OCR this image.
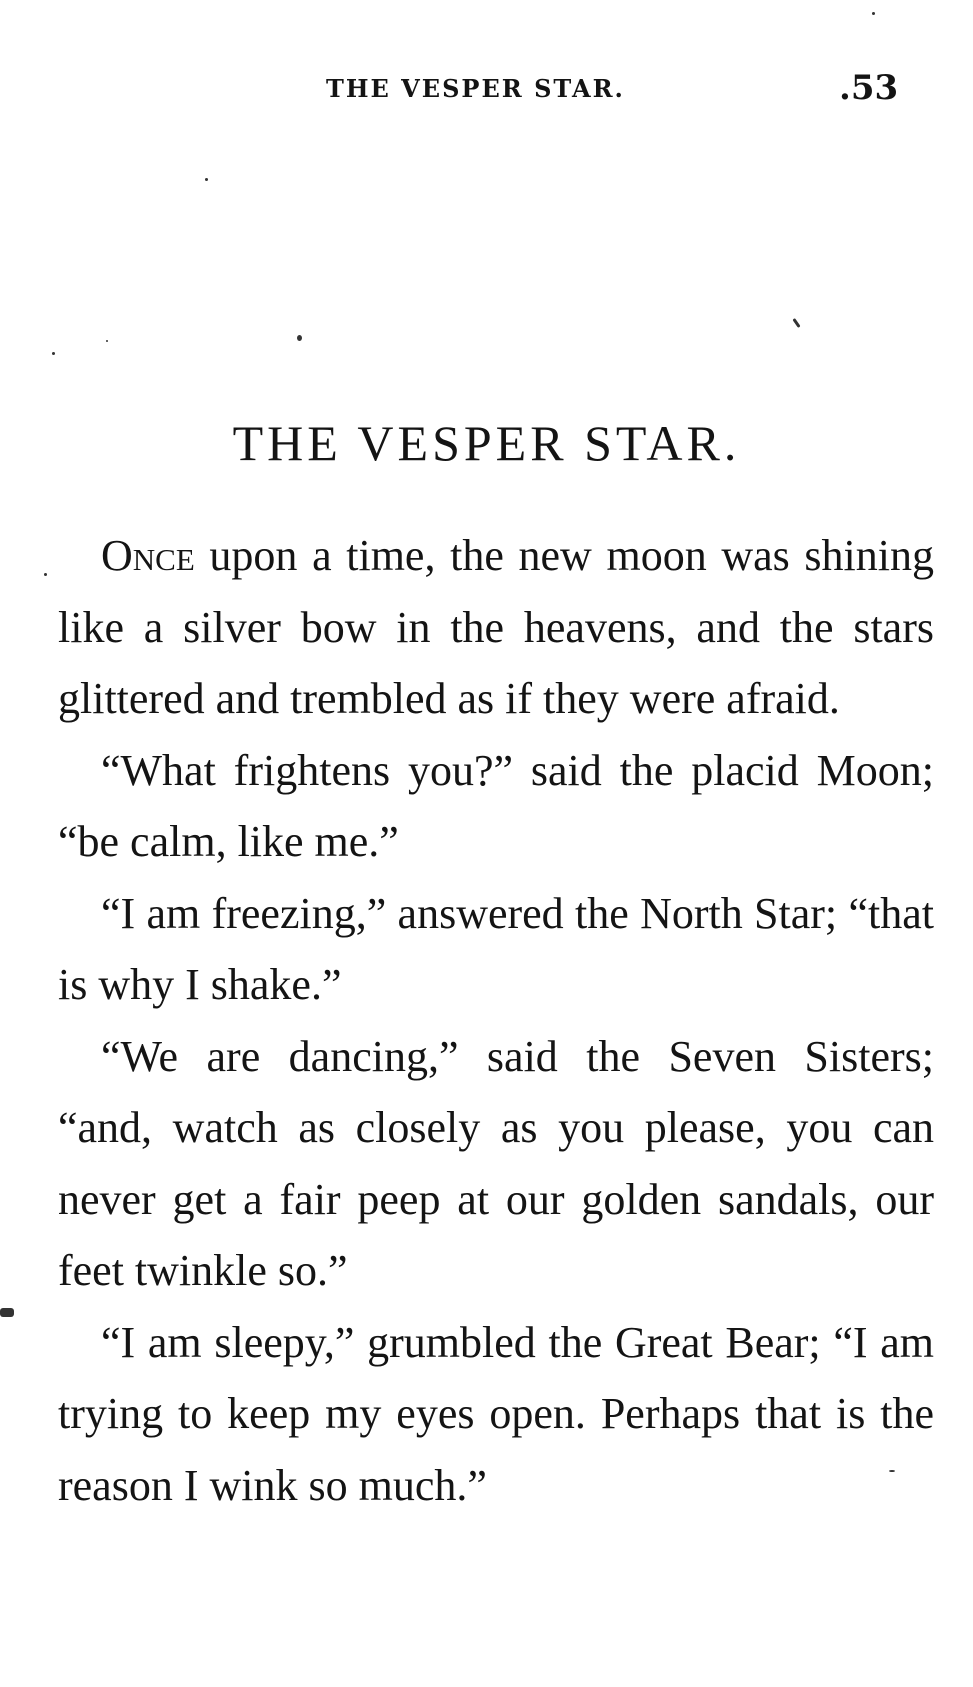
THE VESPER STAR.	.53
THE VESPER STAR.

Once upon a time, the new moon was shining like a silver bow in the heavens, and the stars glittered and trembled as if they were afraid.

“What frightens you?” said the placid Moon; “be calm, like me.”

“I am freezing,” answered the North Star; “that is why I shake.”

“We are dancing,” said the Seven Sisters; “and, watch as closely as you please, you can never get a fair peep at our golden sandals, our feet twinkle so.”

“I am sleepy,” grumbled the Great Bear; “I am trying to keep my eyes open. Perhaps that is the reason I wink so much.”
